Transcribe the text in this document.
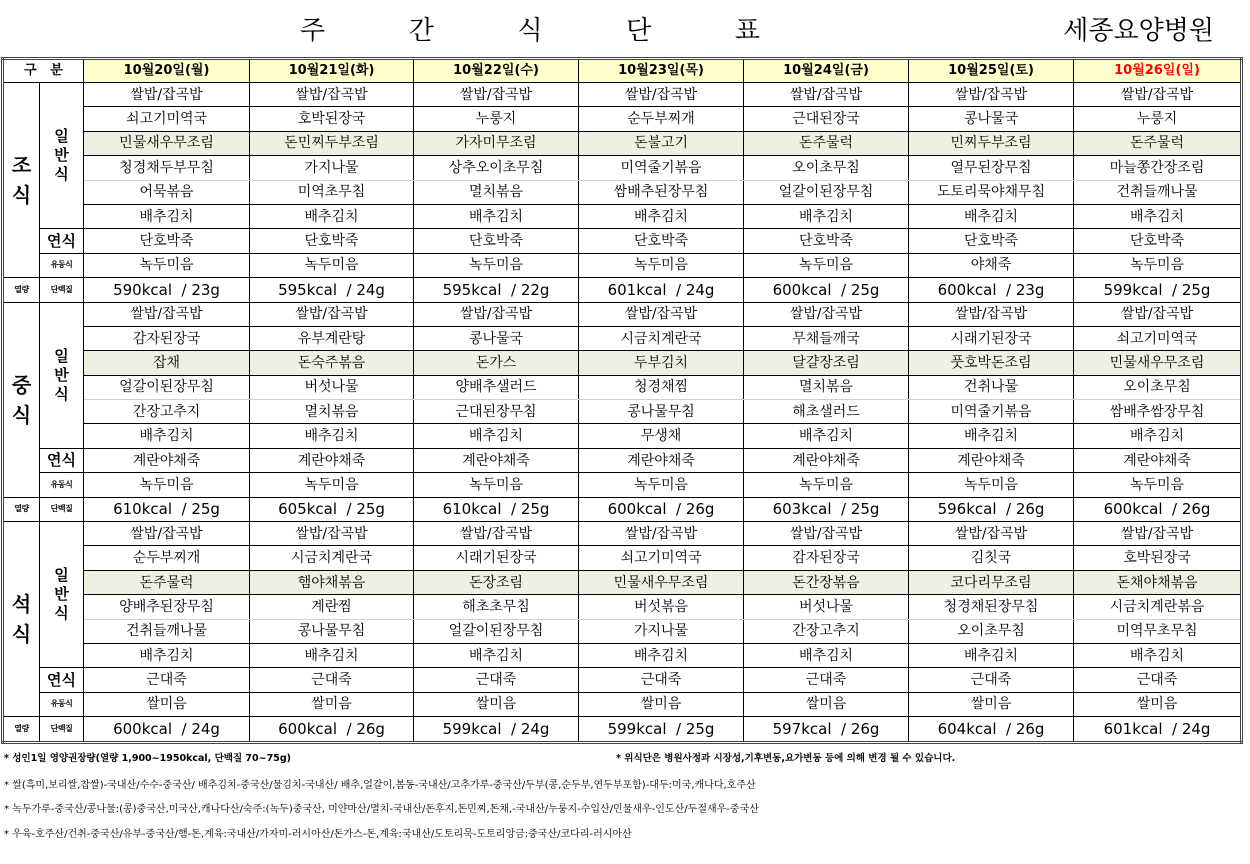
주	간	식	단	표	세종요양병원
구   분		10월20일(월)	10월21일(화)	10월22일(수)	10월23일(목)	10월24일(금)	10월25일(토)	10월26일(일)

조식	일반식	쌀밥/잡곡밥	쌀밥/잡곡밥	쌀밥/잡곡밥	쌀밥/잡곡밥	쌀밥/잡곡밥	쌀밥/잡곡밥	쌀밥/잡곡밥
		쇠고기미역국	호박된장국	누룽지	순두부찌개	근대된장국	콩나물국	누룽지
		민물새우무조림	돈민찌두부조림	가자미무조림	돈불고기	돈주물럭	민찌두부조림	돈주물럭
		청경채두부무침	가지나물	상추오이초무침	미역줄기볶음	오이초무침	열무된장무침	마늘쫑간장조림
		어묵볶음	미역초무침	멸치볶음	쌈배추된장무침	얼갈이된장무침	도토리묵야채무침	건취들깨나물
		배추김치	배추김치	배추김치	배추김치	배추김치	배추김치	배추김치
	연식	단호박죽	단호박죽	단호박죽	단호박죽	단호박죽	단호박죽	단호박죽
	유동식	녹두미음	녹두미음	녹두미음	녹두미음	녹두미음	야채죽	녹두미음
열량	단백질	590kcal  / 23g	595kcal  / 24g	595kcal  / 22g	601kcal  / 24g	600kcal  / 25g	600kcal  / 23g	599kcal  / 25g

중식	일반식	쌀밥/잡곡밥	쌀밥/잡곡밥	쌀밥/잡곡밥	쌀밥/잡곡밥	쌀밥/잡곡밥	쌀밥/잡곡밥	쌀밥/잡곡밥
		감자된장국	유부계란탕	콩나물국	시금치계란국	무채들깨국	시래기된장국	쇠고기미역국
		잡채	돈숙주볶음	돈가스	두부김치	달걀장조림	풋호박돈조림	민물새우무조림
		얼갈이된장무침	버섯나물	양배추샐러드	청경채찜	멸치볶음	건취나물	오이초무침
		간장고추지	멸치볶음	근대된장무침	콩나물무침	해초샐러드	미역줄기볶음	쌈배추쌈장무침
		배추김치	배추김치	배추김치	무생채	배추김치	배추김치	배추김치
	연식	계란야채죽	계란야채죽	계란야채죽	계란야채죽	계란야채죽	계란야채죽	계란야채죽
	유동식	녹두미음	녹두미음	녹두미음	녹두미음	녹두미음	녹두미음	녹두미음
열량	단백질	610kcal  / 25g	605kcal  / 25g	610kcal  / 25g	600kcal  / 26g	603kcal  / 25g	596kcal  / 26g	600kcal  / 26g

석식	일반식	쌀밥/잡곡밥	쌀밥/잡곡밥	쌀밥/잡곡밥	쌀밥/잡곡밥	쌀밥/잡곡밥	쌀밥/잡곡밥	쌀밥/잡곡밥
		순두부찌개	시금치계란국	시래기된장국	쇠고기미역국	감자된장국	김칫국	호박된장국
		돈주물럭	햄야채볶음	돈장조림	민물새우무조림	돈간장볶음	코다리무조림	돈채야채볶음
		양배추된장무침	계란찜	해초초무침	버섯볶음	버섯나물	청경채된장무침	시금치계란볶음
		건취들깨나물	콩나물무침	얼갈이된장무침	가지나물	간장고추지	오이초무침	미역무초무침
		배추김치	배추김치	배추김치	배추김치	배추김치	배추김치	배추김치
	연식	근대죽	근대죽	근대죽	근대죽	근대죽	근대죽	근대죽
	유동식	쌀미음	쌀미음	쌀미음	쌀미음	쌀미음	쌀미음	쌀미음
열량	단백질	600kcal  / 24g	600kcal  / 26g	599kcal  / 24g	599kcal  / 25g	597kcal  / 26g	604kcal  / 26g	601kcal  / 24g
* 성인1일 영양권장량(열량 1,900~1950kcal, 단백질 70~75g)	* 위식단은 병원사정과 시장성,기후변동,요가변동 등에 의해 변경 될 수 있습니다.
* 쌀(흑미,보리쌀,찹쌀)-국내산/수수-중국산/ 배추김치-중국산/물김치-국내산/ 배추,얼갈이,봄동-국내산/고추가루-중국산/두부(콩,순두부,연두부포함)-대두:미국,캐나다,호주산
* 녹두가루-중국산/콩나물:(콩)중국산,미국산,캐나다산/숙주:(녹두)중국산, 미얀마산/멸치-국내산/돈후지,돈민찌,돈채,-국내산/누룽지-수입산/민물새우-인도산/두절새우-중국산
* 우육-호주산/건취-중국산/유부-중국산/햄-돈,계육:국내산/가자미-러시아산/돈가스-돈,계육:국내산/도토리묵-도토리앙금:중국산/코다리-러시아산
